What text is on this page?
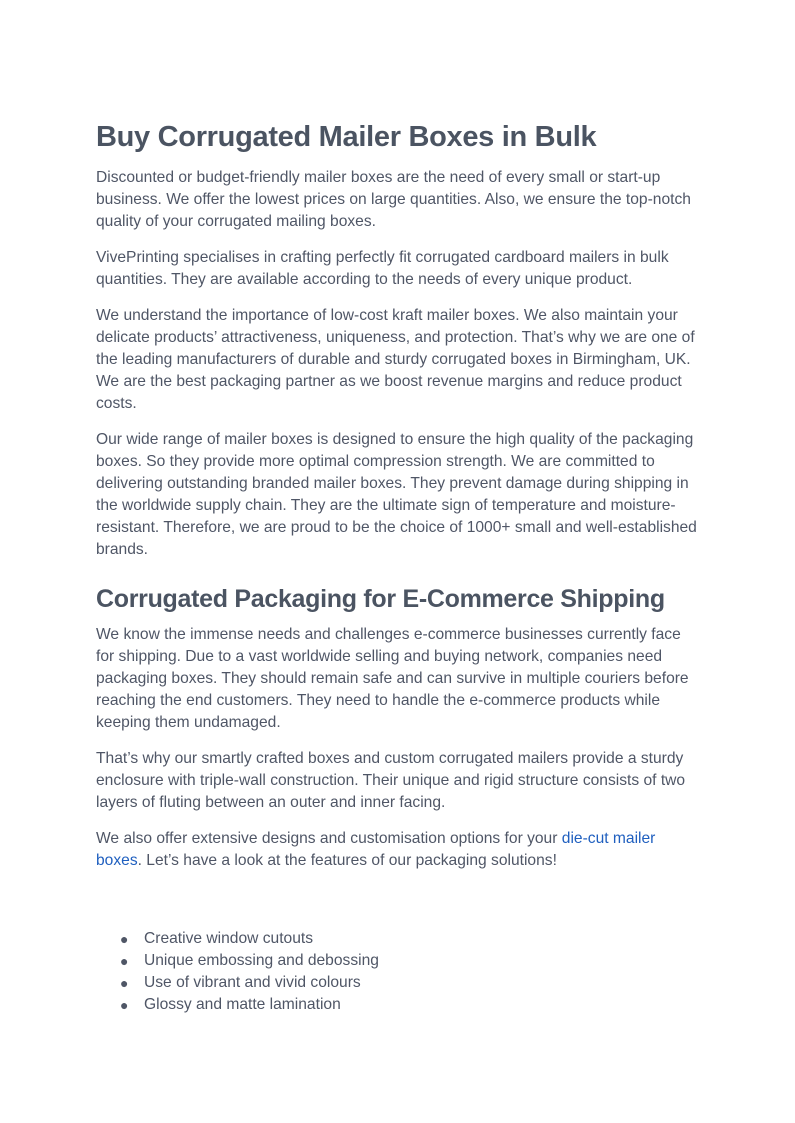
Buy Corrugated Mailer Boxes in Bulk

Discounted or budget-friendly mailer boxes are the need of every small or start-up business. We offer the lowest prices on large quantities. Also, we ensure the top-notch quality of your corrugated mailing boxes.

VivePrinting specialises in crafting perfectly fit corrugated cardboard mailers in bulk quantities. They are available according to the needs of every unique product.

We understand the importance of low-cost kraft mailer boxes. We also maintain your delicate products’ attractiveness, uniqueness, and protection. That’s why we are one of the leading manufacturers of durable and sturdy corrugated boxes in Birmingham, UK. We are the best packaging partner as we boost revenue margins and reduce product costs.

Our wide range of mailer boxes is designed to ensure the high quality of the packaging boxes. So they provide more optimal compression strength. We are committed to delivering outstanding branded mailer boxes. They prevent damage during shipping in the worldwide supply chain. They are the ultimate sign of temperature and moisture-resistant. Therefore, we are proud to be the choice of 1000+ small and well-established brands.

Corrugated Packaging for E-Commerce Shipping

We know the immense needs and challenges e-commerce businesses currently face for shipping. Due to a vast worldwide selling and buying network, companies need packaging boxes. They should remain safe and can survive in multiple couriers before reaching the end customers. They need to handle the e-commerce products while keeping them undamaged.

That’s why our smartly crafted boxes and custom corrugated mailers provide a sturdy enclosure with triple-wall construction. Their unique and rigid structure consists of two layers of fluting between an outer and inner facing.

We also offer extensive designs and customisation options for your die-cut mailer boxes. Let’s have a look at the features of our packaging solutions!

● Creative window cutouts
● Unique embossing and debossing
● Use of vibrant and vivid colours
● Glossy and matte lamination
